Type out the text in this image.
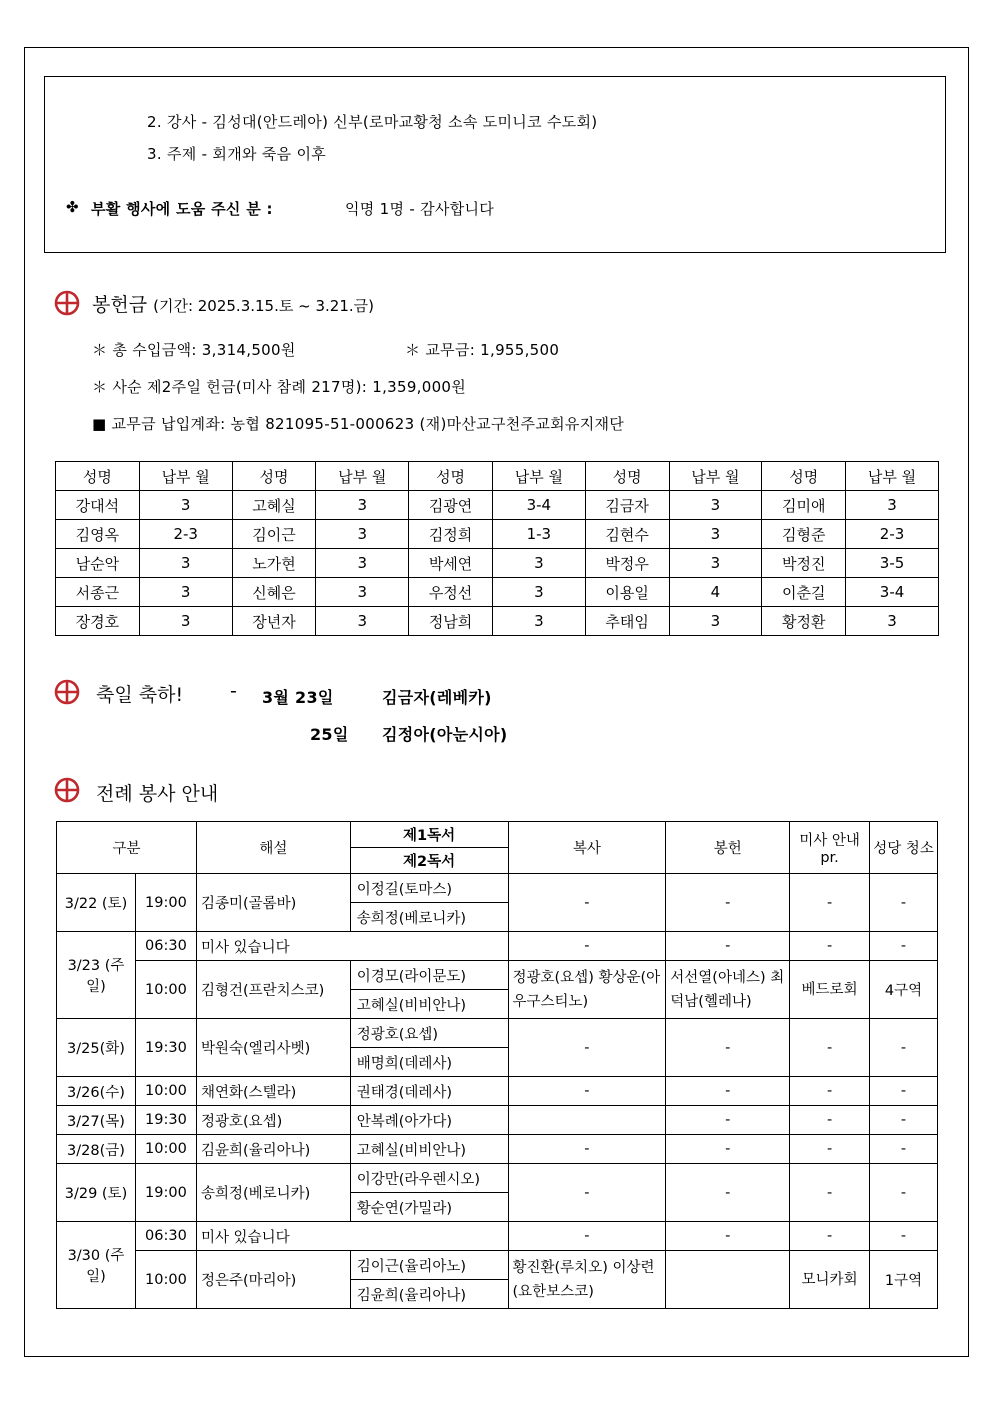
2. 강사 - 김성대(안드레아) 신부(로마교황청 소속 도미니코 수도회)
3. 주제 - 회개와 죽음 이후
✤ 부활 행사에 도움 주신 분 :	익명 1명 - 감사합니다
봉헌금 (기간: 2025.3.15.토 ~ 3.21.금)
＊ 총 수입금액: 3,314,500원	＊ 교무금: 1,955,500
＊ 사순 제2주일 헌금(미사 참례 217명): 1,359,000원
■ 교무금 납입계좌: 농협 821095-51-000623 (재)마산교구천주교회유지재단
성명	납부 월	성명	납부 월	성명	납부 월	성명	납부 월	성명	납부 월
강대석	3	고혜실	3	김광연	3-4	김금자	3	김미애	3
김영옥	2-3	김이근	3	김정희	1-3	김현수	3	김형준	2-3
남순악	3	노가현	3	박세연	3	박정우	3	박정진	3-5
서종근	3	신혜은	3	우정선	3	이용일	4	이춘길	3-4
장경호	3	장년자	3	정남희	3	추태임	3	황정환	3
축일 축하! - 3월 23일	김금자(레베카)
25일 김정아(아눈시아)
전례 봉사 안내
구분		해설	제1독서	복사	봉헌	미사 안내 pr.	성당 청소
			제2독서				
3/22 (토)	19:00	김종미(골롬바)	이정길(토마스)	-	-	-	-
			송희정(베로니카)				
3/23 (주일)	06:30	미사 있습니다		-	-	-	-
	10:00	김형건(프란치스코)	이경모(라이문도)	정광호(요셉) 황상운(아우구스티노)	서선열(아네스) 최덕남(헬레나)	베드로회	4구역
			고혜실(비비안나)				
3/25(화)	19:30	박원숙(엘리사벳)	정광호(요셉)	-	-	-	-
			배명희(데레사)				
3/26(수)	10:00	채연화(스텔라)	권태경(데레사)	-	-	-	-
3/27(목)	19:30	정광호(요셉)	안복례(아가다)		-	-	-
3/28(금)	10:00	김윤희(율리아나)	고혜실(비비안나)	-	-	-	-
3/29 (토)	19:00	송희정(베로니카)	이강만(라우렌시오)	-	-	-	-
			황순연(가밀라)				
3/30 (주일)	06:30	미사 있습니다		-	-	-	-
	10:00	정은주(마리아)	김이근(율리아노)	황진환(루치오) 이상련(요한보스코)		모니카회	1구역
			김윤희(율리아나)				
